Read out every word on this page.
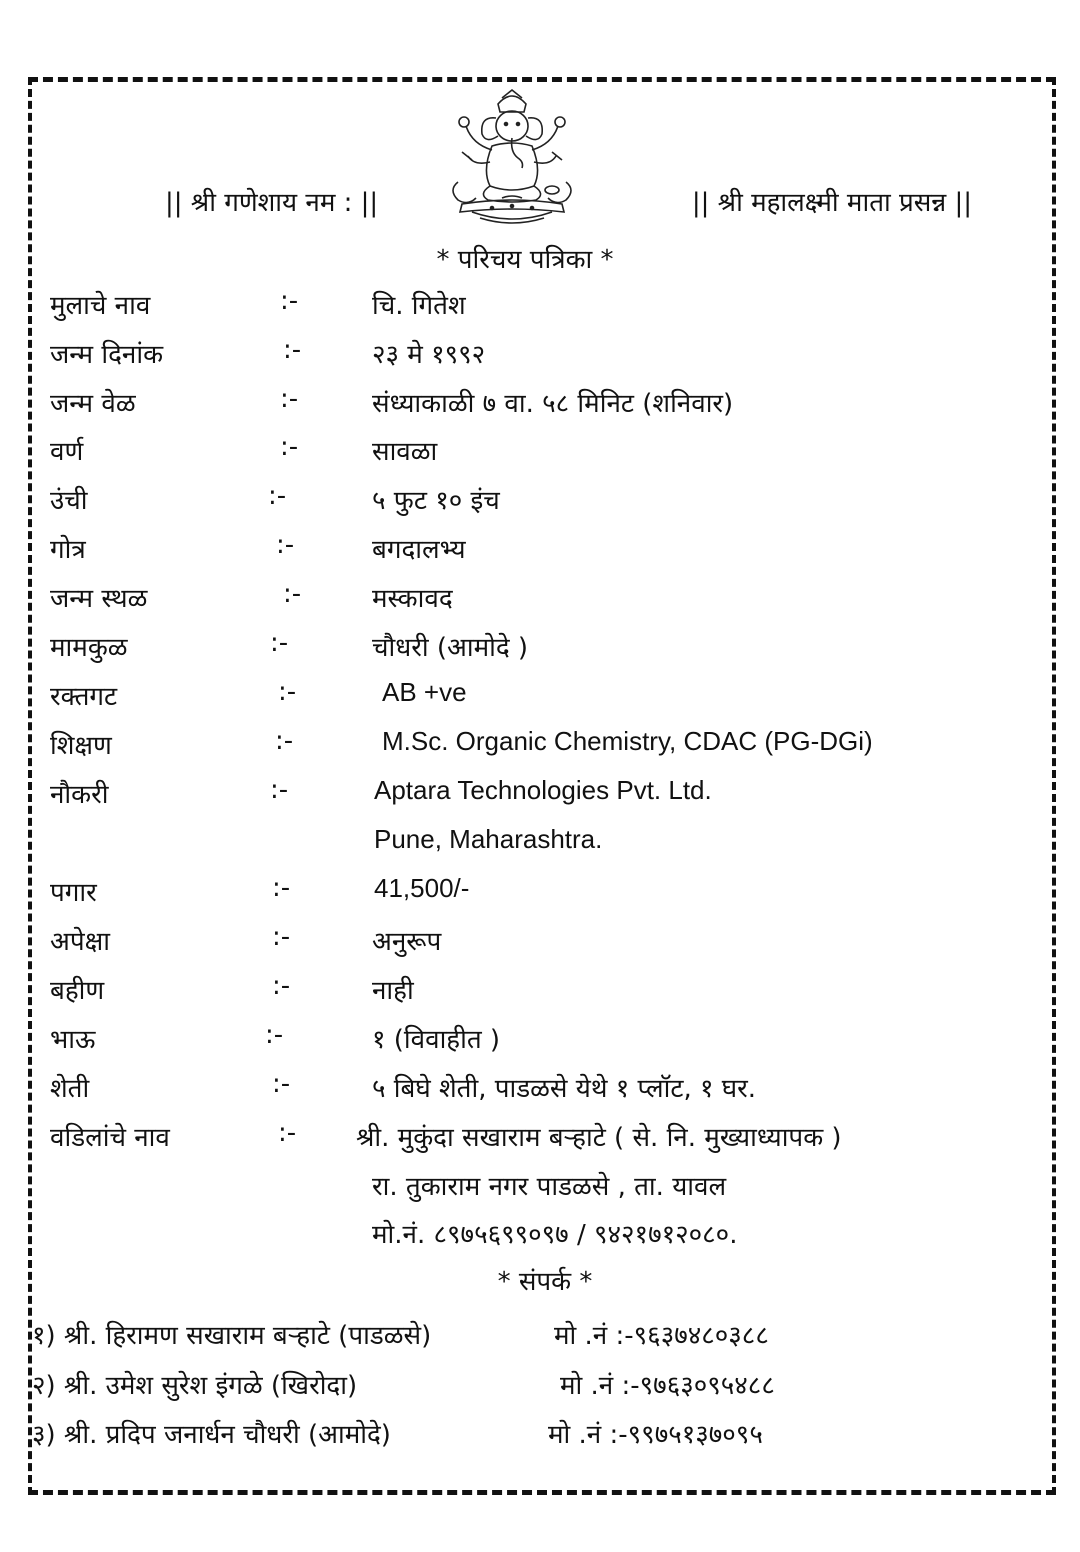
|| श्री गणेशाय नम : ||	|| श्री महालक्ष्मी माता प्रसन्न ||
* परिचय पत्रिका *
मुलाचे नाव	:-	चि. गितेश
जन्म दिनांक	:-	२३ मे १९९२
जन्म वेळ	:-	संध्याकाळी ७ वा. ५८ मिनिट (शनिवार)
वर्ण	:-	सावळा
उंची	:-	५ फुट १० इंच
गोत्र	:-	बगदालभ्य
जन्म स्थळ	:-	मस्कावद
मामकुळ	:-	चौधरी (आमोदे )
रक्तगट	:-	AB +ve
शिक्षण	:-	M.Sc. Organic Chemistry, CDAC (PG-DGi)
नौकरी	:-	Aptara Technologies Pvt. Ltd.
Pune, Maharashtra.
पगार	:-	41,500/-
अपेक्षा	:-	अनुरूप
बहीण	:-	नाही
भाऊ	:-	१ (विवाहीत )
शेती	:-	५ बिघे शेती, पाडळसे येथे १ प्लॉट, १ घर.
वडिलांचे नाव	:- श्री. मुकुंदा सखाराम बऱ्हाटे ( से. नि. मुख्याध्यापक )
रा. तुकाराम नगर पाडळसे , ता. यावल
मो.नं. ८९७५६९९०९७ / ९४२१७१२०८०.
* संपर्क *
१) श्री. हिरामण सखाराम बऱ्हाटे (पाडळसे)	मो .नं :-९६३७४८०३८८
२) श्री. उमेश सुरेश इंगळे (खिरोदा)	मो .नं :-९७६३०९५४८८
३) श्री. प्रदिप जनार्धन चौधरी (आमोदे)	मो .नं :-९९७५१३७०९५
